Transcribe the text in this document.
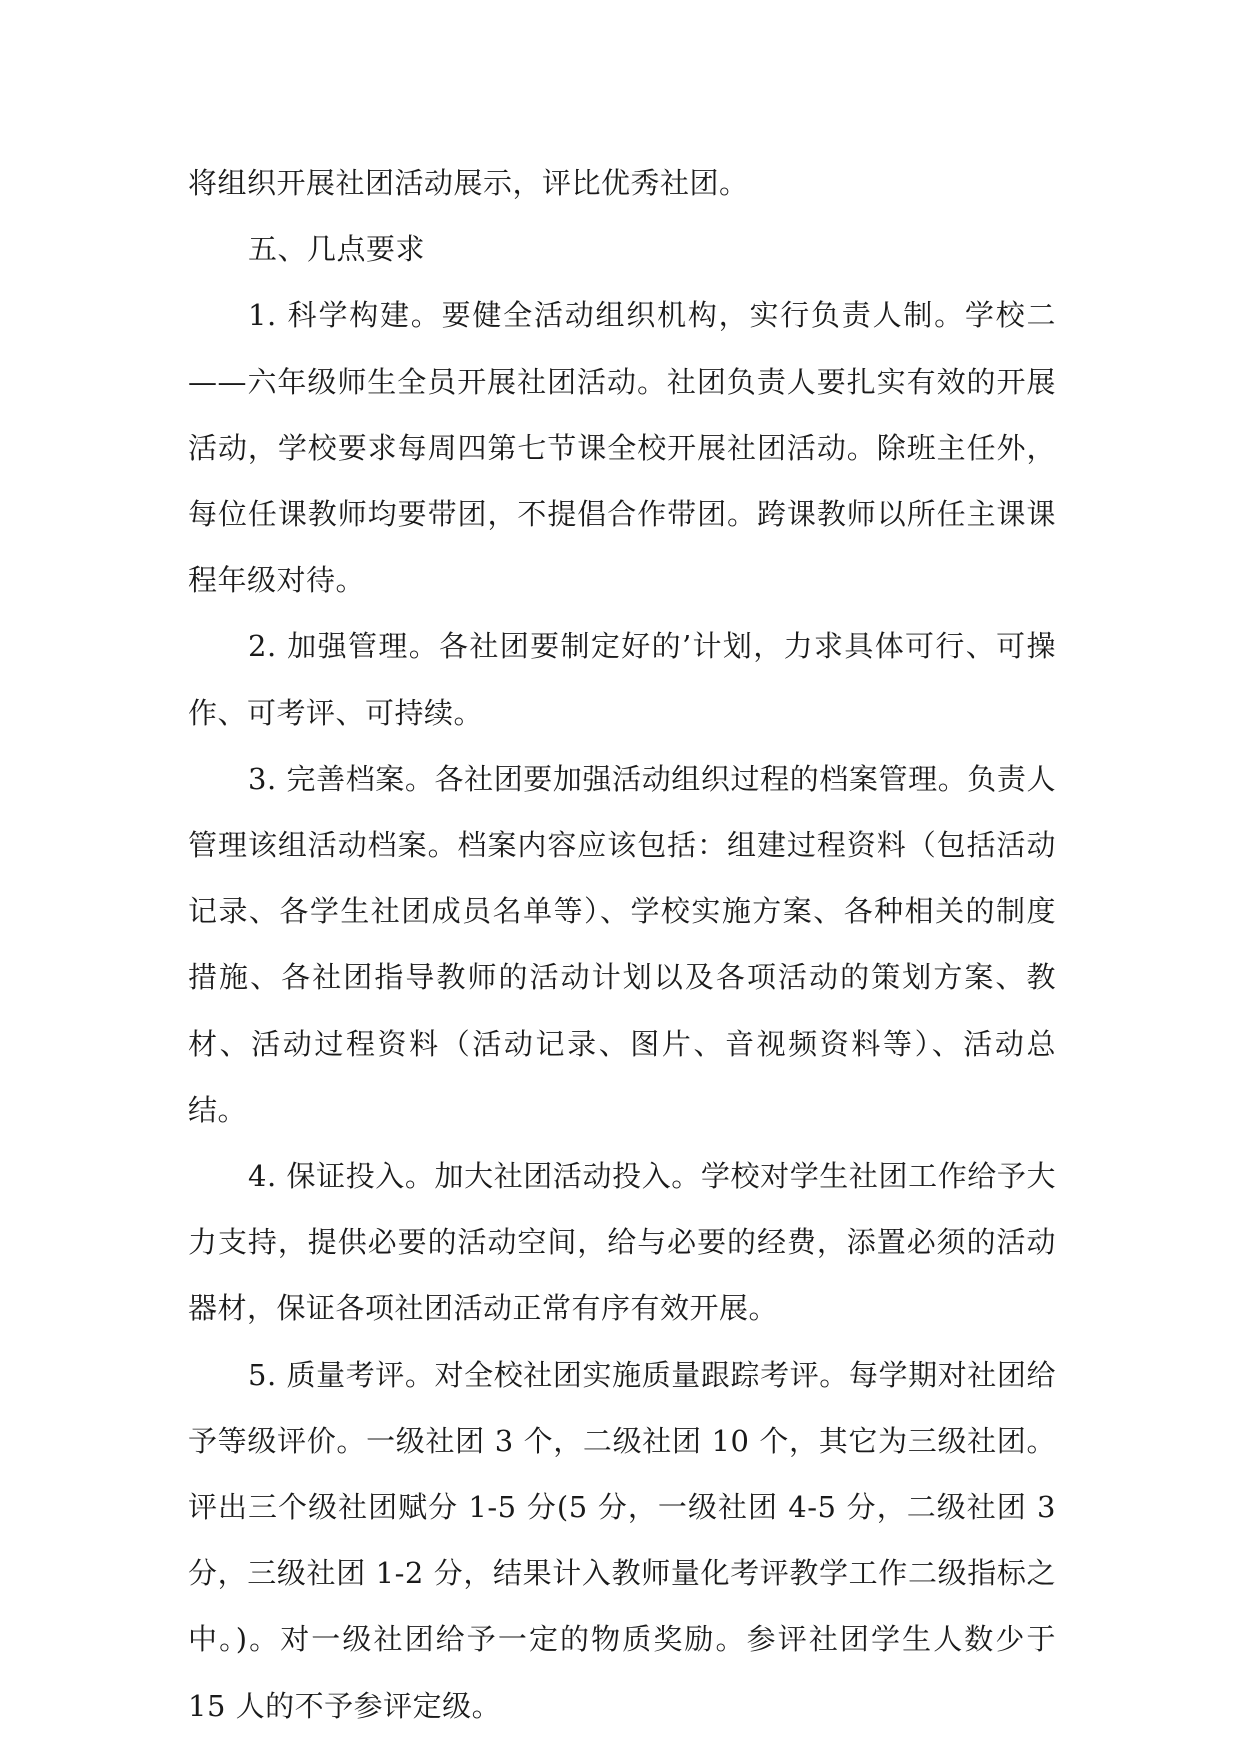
将组织开展社团活动展示，评比优秀社团。

五、几点要求

1. 科学构建。要健全活动组织机构，实行负责人制。学校二——六年级师生全员开展社团活动。社团负责人要扎实有效的开展活动，学校要求每周四第七节课全校开展社团活动。除班主任外，每位任课教师均要带团，不提倡合作带团。跨课教师以所任主课课程年级对待。

2. 加强管理。各社团要制定好的’计划，力求具体可行、可操作、可考评、可持续。

3. 完善档案。各社团要加强活动组织过程的档案管理。负责人管理该组活动档案。档案内容应该包括：组建过程资料（包括活动记录、各学生社团成员名单等）、学校实施方案、各种相关的制度措施、各社团指导教师的活动计划以及各项活动的策划方案、教材、活动过程资料（活动记录、图片、音视频资料等）、活动总结。

4. 保证投入。加大社团活动投入。学校对学生社团工作给予大力支持，提供必要的活动空间，给与必要的经费，添置必须的活动器材，保证各项社团活动正常有序有效开展。

5. 质量考评。对全校社团实施质量跟踪考评。每学期对社团给予等级评价。一级社团 3 个，二级社团 10 个，其它为三级社团。评出三个级社团赋分 1-5 分(5 分，一级社团 4-5 分，二级社团 3 分，三级社团 1-2 分，结果计入教师量化考评教学工作二级指标之中。)。对一级社团给予一定的物质奖励。参评社团学生人数少于 15 人的不予参评定级。
